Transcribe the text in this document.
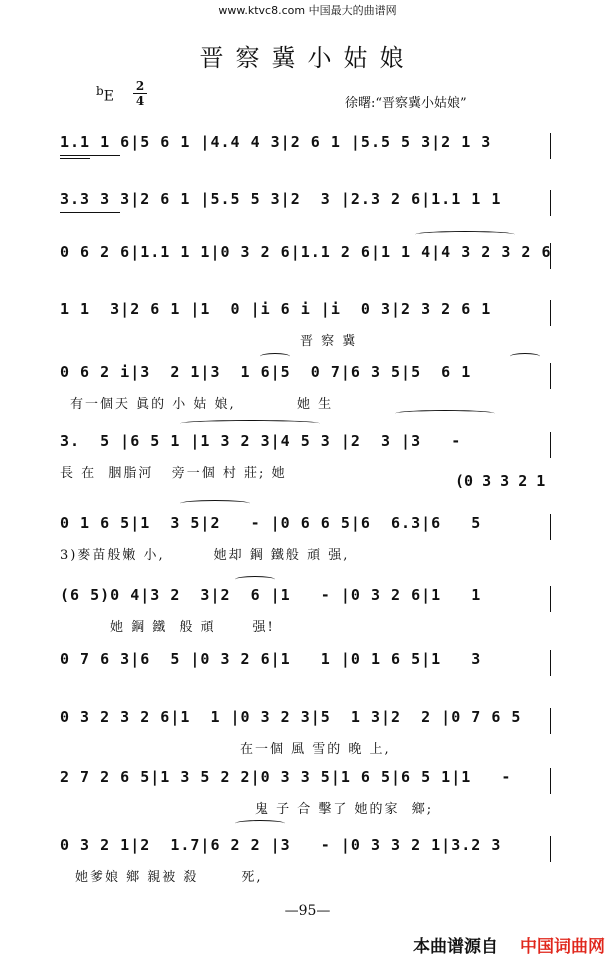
www.ktvc8.com 中国最大的曲谱网
晋察冀小姑娘
bE
2
4	徐曙:“晋察冀小姑娘”
1.1 1 6|5 6 1 |4.4 4 3|2 6 1 |5.5 5 3|2 1 3
3.3 3 3|2 6 1 |5.5 5 3|2  3 |2.3 2 6|1.1 1 1
0 6 2 6|1.1 1 1|0 3 2 6|1.1 2 6|1 1 4|4 3 2 3 2 6
1 1  3|2 6 1 |1  0 |i 6 i |i  0 3|2 3 2 6 1
晋 察 冀
0 6 2 i|3  2 1|3  1 6|5  0 7|6 3 5|5  6 1
有一個天 眞的 小 姑 娘,          她 生
3.  5 |6 5 1 |1 3 2 3|4 5 3 |2  3 |3   -
長 在  胭脂河   旁一個 村 莊; 她	(0 3 3 2 1
0 1 6 5|1  3 5|2   - |0 6 6 5|6  6.3|6   5
3)麥苗般嫩 小,        她却 鋼 鐵般 頑 强,
(6 5)0 4|3 2  3|2  6 |1   - |0 3 2 6|1   1
她 鋼 鐵  般 頑      强!
0 7 6 3|6  5 |0 3 2 6|1   1 |0 1 6 5|1   3
0 3 2 3 2 6|1  1 |0 3 2 3|5  1 3|2  2 |0 7 6 5
在一個 風 雪的 晚 上,
2 7 2 6 5|1 3 5 2 2|0 3 3 5|1 6 5|6 5 1|1   -
鬼 子 合 擊了 她的家  鄉;
0 3 2 1|2  1.7|6 2 2 |3   - |0 3 3 2 1|3.2 3
她爹娘 鄉 親被 殺       死,
—95—
本曲谱源自 中国词曲网
